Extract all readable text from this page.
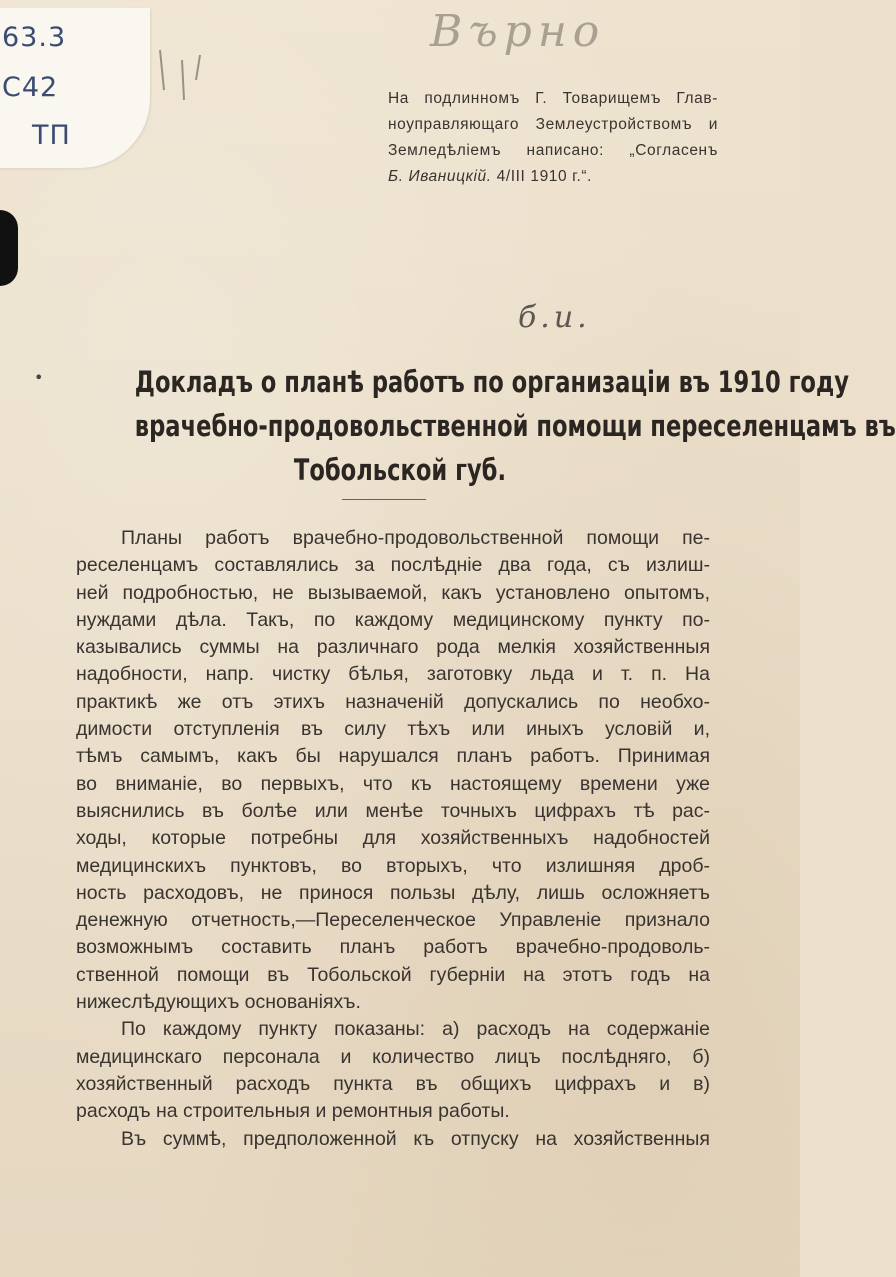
63.3
С42
ТП
•
Върно
На подлинномъ Г. Товарищемъ Глав-
ноуправляющаго Землеустройствомъ и
Земледѣліемъ написано: „Согласенъ
Б. Иваницкій. 4/III 1910 г.“.
б.и.
Докладъ о планѣ работъ по организаціи въ 1910 году
врачебно-продовольственной помощи переселенцамъ въ
Тобольской губ.
Планы работъ врачебно-продовольственной помощи пе-
реселенцамъ составлялись за послѣдніе два года, съ излиш-
ней подробностью, не вызываемой, какъ установлено опытомъ,
нуждами дѣла. Такъ, по каждому медицинскому пункту по-
казывались суммы на различнаго рода мелкія хозяйственныя
надобности, напр. чистку бѣлья, заготовку льда и т. п. На
практикѣ же отъ этихъ назначеній допускались по необхо-
димости отступленія въ силу тѣхъ или иныхъ условій и,
тѣмъ самымъ, какъ бы нарушался планъ работъ. Принимая
во вниманіе, во первыхъ, что къ настоящему времени уже
выяснились въ болѣе или менѣе точныхъ цифрахъ тѣ рас-
ходы, которые потребны для хозяйственныхъ надобностей
медицинскихъ пунктовъ, во вторыхъ, что излишняя дроб-
ность расходовъ, не принося пользы дѣлу, лишь осложняетъ
денежную отчетность,—Переселенческое Управленіе признало
возможнымъ составить планъ работъ врачебно-продоволь-
ственной помощи въ Тобольской губерніи на этотъ годъ на
нижеслѣдующихъ основаніяхъ.
По каждому пункту показаны: а) расходъ на содержаніе
медицинскаго персонала и количество лицъ послѣдняго, б)
хозяйственный расходъ пункта въ общихъ цифрахъ и в)
расходъ на строительныя и ремонтныя работы.
Въ суммѣ, предположенной къ отпуску на хозяйственныя
